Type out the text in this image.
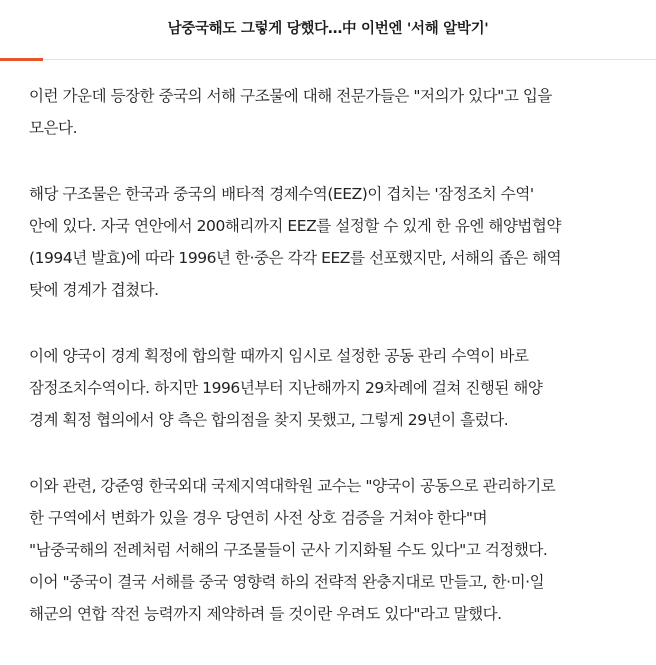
남중국해도 그렇게 당했다…中 이번엔 '서해 알박기'

이런 가운데 등장한 중국의 서해 구조물에 대해 전문가들은 "저의가 있다"고 입을
모은다.

해당 구조물은 한국과 중국의 배타적 경제수역(EEZ)이 겹치는 '잠정조치 수역'
안에 있다. 자국 연안에서 200해리까지 EEZ를 설정할 수 있게 한 유엔 해양법협약
(1994년 발효)에 따라 1996년 한·중은 각각 EEZ를 선포했지만, 서해의 좁은 해역
탓에 경계가 겹쳤다.

이에 양국이 경계 획정에 합의할 때까지 임시로 설정한 공동 관리 수역이 바로
잠정조치수역이다. 하지만 1996년부터 지난해까지 29차례에 걸쳐 진행된 해양
경계 획정 협의에서 양 측은 합의점을 찾지 못했고, 그렇게 29년이 흘렀다.

이와 관련, 강준영 한국외대 국제지역대학원 교수는 "양국이 공동으로 관리하기로
한 구역에서 변화가 있을 경우 당연히 사전 상호 검증을 거쳐야 한다"며
"남중국해의 전례처럼 서해의 구조물들이 군사 기지화될 수도 있다"고 걱정했다.
이어 "중국이 결국 서해를 중국 영향력 하의 전략적 완충지대로 만들고, 한·미·일
해군의 연합 작전 능력까지 제약하려 들 것이란 우려도 있다"라고 말했다.
